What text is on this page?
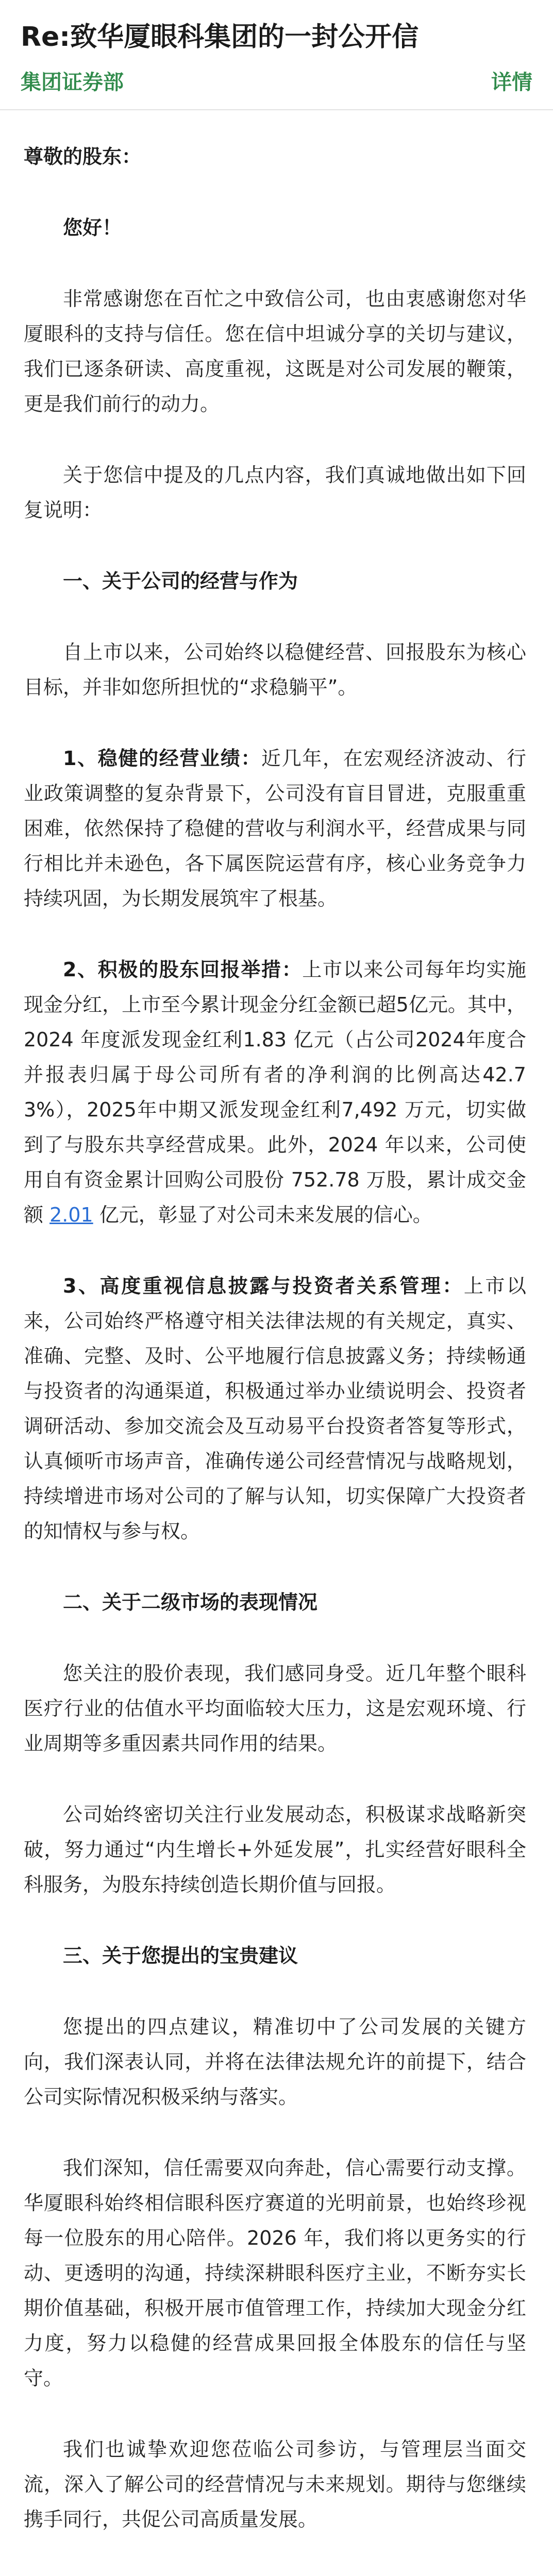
Re:致华厦眼科集团的一封公开信
集团证券部	详情

尊敬的股东：

您好！

非常感谢您在百忙之中致信公司，也由衷感谢您对华厦眼科的支持与信任。您在信中坦诚分享的关切与建议，我们已逐条研读、高度重视，这既是对公司发展的鞭策，更是我们前行的动力。

关于您信中提及的几点内容，我们真诚地做出如下回复说明：

一、关于公司的经营与作为

自上市以来，公司始终以稳健经营、回报股东为核心目标，并非如您所担忧的“求稳躺平”。

1、稳健的经营业绩：近几年，在宏观经济波动、行业政策调整的复杂背景下，公司没有盲目冒进，克服重重困难，依然保持了稳健的营收与利润水平，经营成果与同行相比并未逊色，各下属医院运营有序，核心业务竞争力持续巩固，为长期发展筑牢了根基。

2、积极的股东回报举措：上市以来公司每年均实施现金分红，上市至今累计现金分红金额已超5亿元。其中，2024 年度派发现金红利1.83 亿元（占公司2024年度合并报表归属于母公司所有者的净利润的比例高达42.73%），2025年中期又派发现金红利7,492 万元，切实做到了与股东共享经营成果。此外，2024 年以来，公司使用自有资金累计回购公司股份 752.78 万股，累计成交金额 2.01 亿元，彰显了对公司未来发展的信心。

3、高度重视信息披露与投资者关系管理：上市以来，公司始终严格遵守相关法律法规的有关规定，真实、准确、完整、及时、公平地履行信息披露义务；持续畅通与投资者的沟通渠道，积极通过举办业绩说明会、投资者调研活动、参加交流会及互动易平台投资者答复等形式，认真倾听市场声音，准确传递公司经营情况与战略规划，持续增进市场对公司的了解与认知，切实保障广大投资者的知情权与参与权。

二、关于二级市场的表现情况

您关注的股价表现，我们感同身受。近几年整个眼科医疗行业的估值水平均面临较大压力，这是宏观环境、行业周期等多重因素共同作用的结果。

公司始终密切关注行业发展动态，积极谋求战略新突破，努力通过“内生增长+外延发展”，扎实经营好眼科全科服务，为股东持续创造长期价值与回报。

三、关于您提出的宝贵建议

您提出的四点建议，精准切中了公司发展的关键方向，我们深表认同，并将在法律法规允许的前提下，结合公司实际情况积极采纳与落实。

我们深知，信任需要双向奔赴，信心需要行动支撑。华厦眼科始终相信眼科医疗赛道的光明前景，也始终珍视每一位股东的用心陪伴。2026 年，我们将以更务实的行动、更透明的沟通，持续深耕眼科医疗主业，不断夯实长期价值基础，积极开展市值管理工作，持续加大现金分红力度，努力以稳健的经营成果回报全体股东的信任与坚守。

我们也诚挚欢迎您莅临公司参访，与管理层当面交流，深入了解公司的经营情况与未来规划。期待与您继续携手同行，共促公司高质量发展。
